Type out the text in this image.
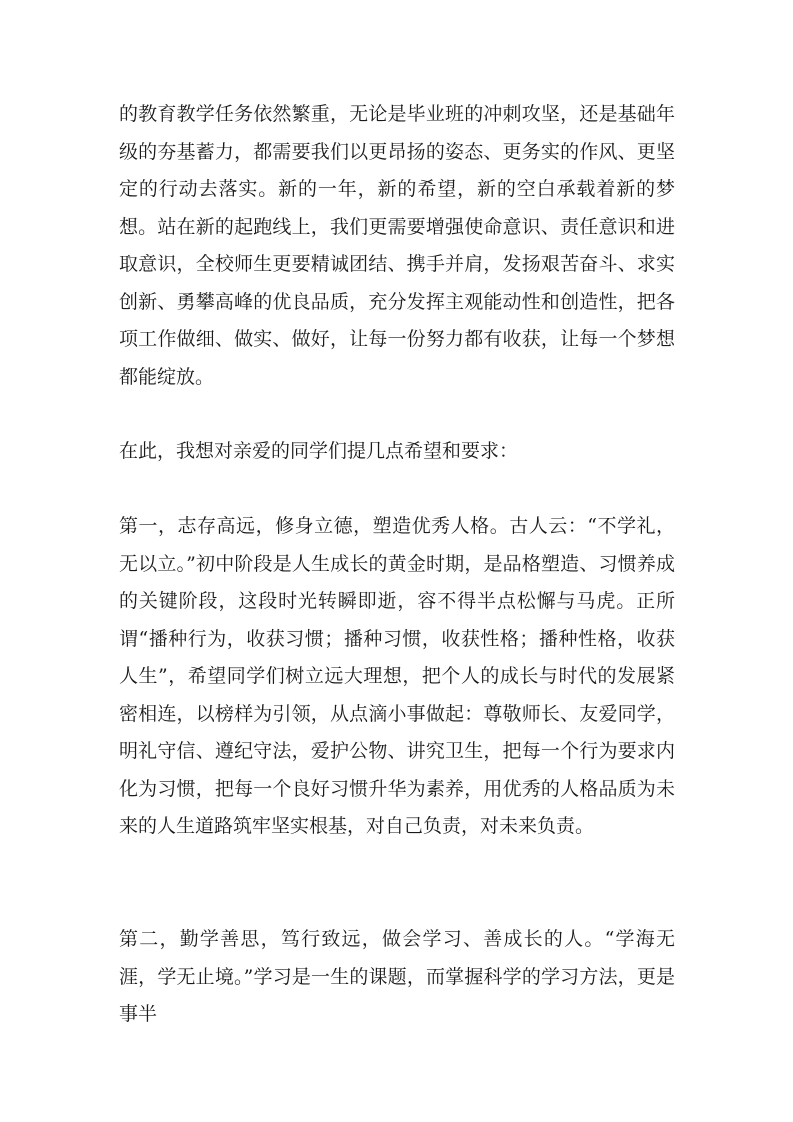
的教育教学任务依然繁重，无论是毕业班的冲刺攻坚，还是基础年级的夯基蓄力，都需要我们以更昂扬的姿态、更务实的作风、更坚定的行动去落实。新的一年，新的希望，新的空白承载着新的梦想。站在新的起跑线上，我们更需要增强使命意识、责任意识和进取意识，全校师生更要精诚团结、携手并肩，发扬艰苦奋斗、求实创新、勇攀高峰的优良品质，充分发挥主观能动性和创造性，把各项工作做细、做实、做好，让每一份努力都有收获，让每一个梦想都能绽放。

在此，我想对亲爱的同学们提几点希望和要求：

第一，志存高远，修身立德，塑造优秀人格。古人云：“不学礼，无以立。”初中阶段是人生成长的黄金时期，是品格塑造、习惯养成的关键阶段，这段时光转瞬即逝，容不得半点松懈与马虎。正所谓“播种行为，收获习惯；播种习惯，收获性格；播种性格，收获人生”，希望同学们树立远大理想，把个人的成长与时代的发展紧密相连，以榜样为引领，从点滴小事做起：尊敬师长、友爱同学，明礼守信、遵纪守法，爱护公物、讲究卫生，把每一个行为要求内化为习惯，把每一个良好习惯升华为素养，用优秀的人格品质为未来的人生道路筑牢坚实根基，对自己负责，对未来负责。

第二，勤学善思，笃行致远，做会学习、善成长的人。“学海无涯，学无止境。”学习是一生的课题，而掌握科学的学习方法，更是事半
